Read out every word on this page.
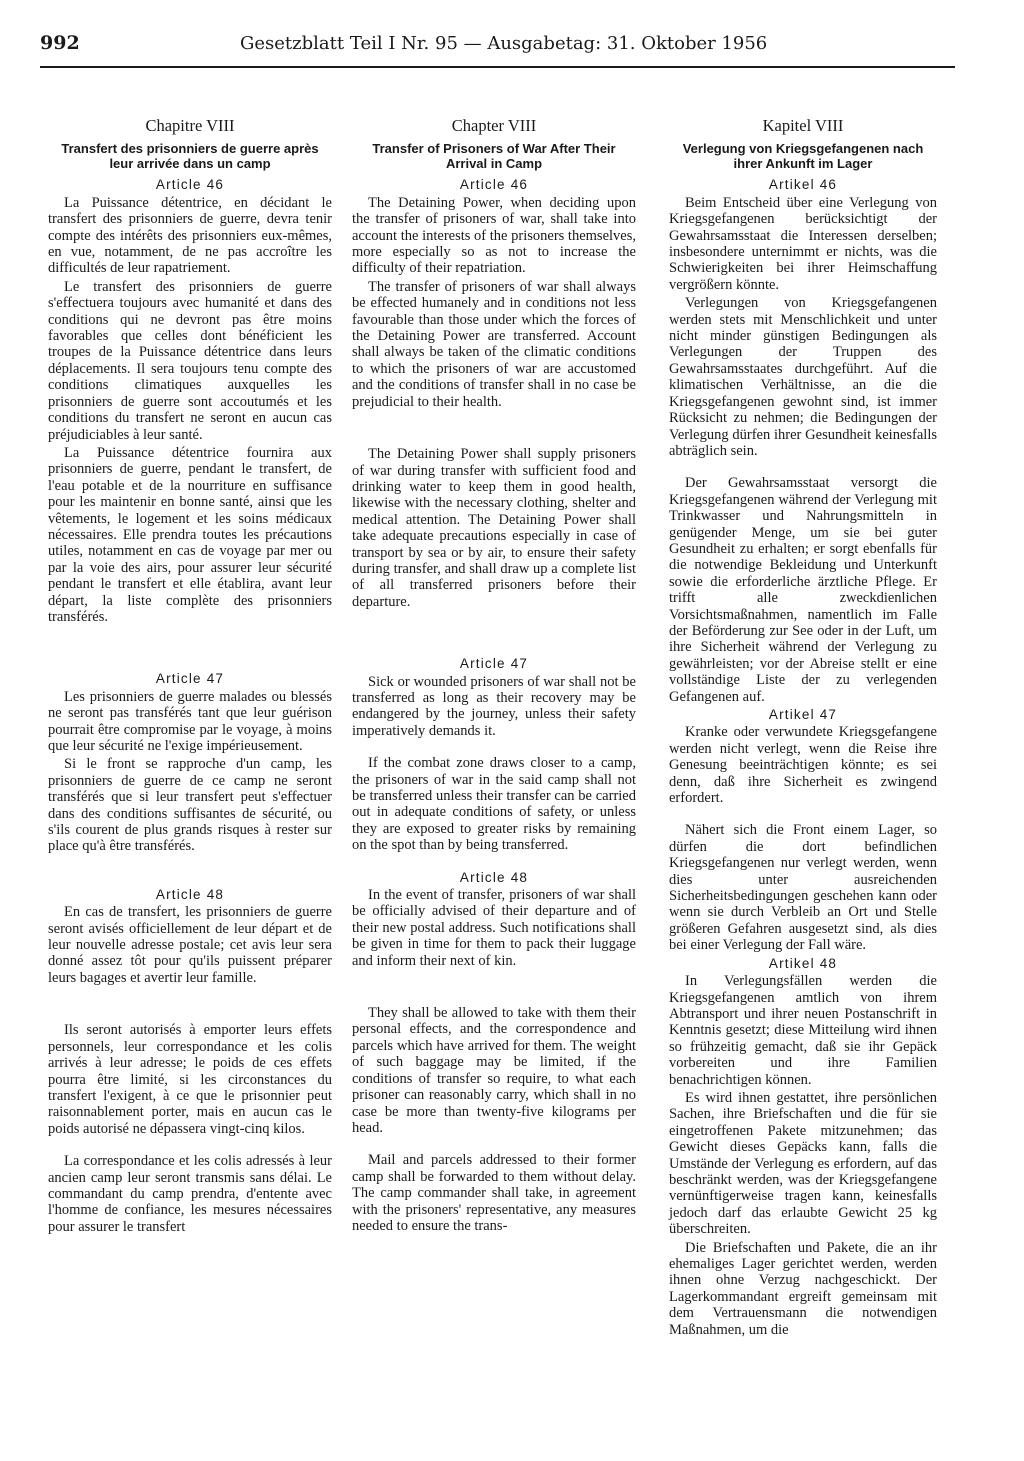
992	Gesetzblatt Teil I Nr. 95 — Ausgabetag: 31. Oktober 1956
Chapitre VIII
Transfert des prisonniers de guerre après leur arrivée dans un camp
Article 46

La Puissance détentrice, en décidant le transfert des prisonniers de guerre, devra tenir compte des intérêts des prisonniers eux-mêmes, en vue, notamment, de ne pas accroître les difficultés de leur rapatriement.

Le transfert des prisonniers de guerre s'effectuera toujours avec humanité et dans des conditions qui ne devront pas être moins favorables que celles dont bénéficient les troupes de la Puissance détentrice dans leurs déplacements. Il sera toujours tenu compte des conditions climatiques auxquelles les prisonniers de guerre sont accoutumés et les conditions du transfert ne seront en aucun cas préjudiciables à leur santé.

La Puissance détentrice fournira aux prisonniers de guerre, pendant le transfert, de l'eau potable et de la nourriture en suffisance pour les maintenir en bonne santé, ainsi que les vêtements, le logement et les soins médicaux nécessaires. Elle prendra toutes les précautions utiles, notamment en cas de voyage par mer ou par la voie des airs, pour assurer leur sécurité pendant le transfert et elle établira, avant leur départ, la liste complète des prisonniers transférés.

Article 47

Les prisonniers de guerre malades ou blessés ne seront pas transférés tant que leur guérison pourrait être compromise par le voyage, à moins que leur sécurité ne l'exige impérieusement.

Si le front se rapproche d'un camp, les prisonniers de guerre de ce camp ne seront transférés que si leur transfert peut s'effectuer dans des conditions suffisantes de sécurité, ou s'ils courent de plus grands risques à rester sur place qu'à être transférés.

Article 48

En cas de transfert, les prisonniers de guerre seront avisés officiellement de leur départ et de leur nouvelle adresse postale; cet avis leur sera donné assez tôt pour qu'ils puissent préparer leurs bagages et avertir leur famille.

Ils seront autorisés à emporter leurs effets personnels, leur correspondance et les colis arrivés à leur adresse; le poids de ces effets pourra être limité, si les circonstances du transfert l'exigent, à ce que le prisonnier peut raisonnablement porter, mais en aucun cas le poids autorisé ne dépassera vingt-cinq kilos.

La correspondance et les colis adressés à leur ancien camp leur seront transmis sans délai. Le commandant du camp prendra, d'entente avec l'homme de confiance, les mesures nécessaires pour assurer le transfert

Chapter VIII
Transfer of Prisoners of War After Their Arrival in Camp
Article 46

The Detaining Power, when deciding upon the transfer of prisoners of war, shall take into account the interests of the prisoners themselves, more especially so as not to increase the difficulty of their repatriation.

The transfer of prisoners of war shall always be effected humanely and in conditions not less favourable than those under which the forces of the Detaining Power are transferred. Account shall always be taken of the climatic conditions to which the prisoners of war are accustomed and the conditions of transfer shall in no case be prejudicial to their health.

The Detaining Power shall supply prisoners of war during transfer with sufficient food and drinking water to keep them in good health, likewise with the necessary clothing, shelter and medical attention. The Detaining Power shall take adequate precautions especially in case of transport by sea or by air, to ensure their safety during transfer, and shall draw up a complete list of all transferred prisoners before their departure.

Article 47

Sick or wounded prisoners of war shall not be transferred as long as their recovery may be endangered by the journey, unless their safety imperatively demands it.

If the combat zone draws closer to a camp, the prisoners of war in the said camp shall not be transferred unless their transfer can be carried out in adequate conditions of safety, or unless they are exposed to greater risks by remaining on the spot than by being transferred.

Article 48

In the event of transfer, prisoners of war shall be officially advised of their departure and of their new postal address. Such notifications shall be given in time for them to pack their luggage and inform their next of kin.

They shall be allowed to take with them their personal effects, and the correspondence and parcels which have arrived for them. The weight of such baggage may be limited, if the conditions of transfer so require, to what each prisoner can reasonably carry, which shall in no case be more than twenty-five kilograms per head.

Mail and parcels addressed to their former camp shall be forwarded to them without delay. The camp commander shall take, in agreement with the prisoners' representative, any measures needed to ensure the trans-

Kapitel VIII
Verlegung von Kriegsgefangenen nach ihrer Ankunft im Lager
Artikel 46

Beim Entscheid über eine Verlegung von Kriegsgefangenen berücksichtigt der Gewahrsamsstaat die Interessen derselben; insbesondere unternimmt er nichts, was die Schwierigkeiten bei ihrer Heimschaffung vergrößern könnte.

Verlegungen von Kriegsgefangenen werden stets mit Menschlichkeit und unter nicht minder günstigen Bedingungen als Verlegungen der Truppen des Gewahrsamsstaates durchgeführt. Auf die klimatischen Verhältnisse, an die die Kriegsgefangenen gewohnt sind, ist immer Rücksicht zu nehmen; die Bedingungen der Verlegung dürfen ihrer Gesundheit keinesfalls abträglich sein.

Der Gewahrsamsstaat versorgt die Kriegsgefangenen während der Verlegung mit Trinkwasser und Nahrungsmitteln in genügender Menge, um sie bei guter Gesundheit zu erhalten; er sorgt ebenfalls für die notwendige Bekleidung und Unterkunft sowie die erforderliche ärztliche Pflege. Er trifft alle zweckdienlichen Vorsichtsmaßnahmen, namentlich im Falle der Beförderung zur See oder in der Luft, um ihre Sicherheit während der Verlegung zu gewährleisten; vor der Abreise stellt er eine vollständige Liste der zu verlegenden Gefangenen auf.

Artikel 47

Kranke oder verwundete Kriegsgefangene werden nicht verlegt, wenn die Reise ihre Genesung beeinträchtigen könnte; es sei denn, daß ihre Sicherheit es zwingend erfordert.

Nähert sich die Front einem Lager, so dürfen die dort befindlichen Kriegsgefangenen nur verlegt werden, wenn dies unter ausreichenden Sicherheitsbedingungen geschehen kann oder wenn sie durch Verbleib an Ort und Stelle größeren Gefahren ausgesetzt sind, als dies bei einer Verlegung der Fall wäre.

Artikel 48

In Verlegungsfällen werden die Kriegsgefangenen amtlich von ihrem Abtransport und ihrer neuen Postanschrift in Kenntnis gesetzt; diese Mitteilung wird ihnen so frühzeitig gemacht, daß sie ihr Gepäck vorbereiten und ihre Familien benachrichtigen können.

Es wird ihnen gestattet, ihre persönlichen Sachen, ihre Briefschaften und die für sie eingetroffenen Pakete mitzunehmen; das Gewicht dieses Gepäcks kann, falls die Umstände der Verlegung es erfordern, auf das beschränkt werden, was der Kriegsgefangene vernünftigerweise tragen kann, keinesfalls jedoch darf das erlaubte Gewicht 25 kg überschreiten.

Die Briefschaften und Pakete, die an ihr ehemaliges Lager gerichtet werden, werden ihnen ohne Verzug nachgeschickt. Der Lagerkommandant ergreift gemeinsam mit dem Vertrauensmann die notwendigen Maßnahmen, um die
